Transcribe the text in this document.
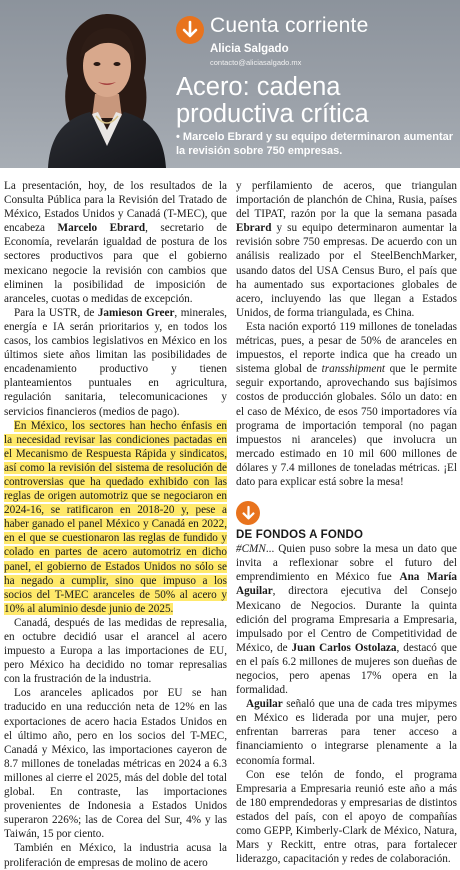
Cuenta corriente
Alicia Salgado
contacto@aliciasalgado.mx
Acero: cadena productiva crítica
• Marcelo Ebrard y su equipo determinaron aumentar la revisión sobre 750 empresas.

La presentación, hoy, de los resultados de la Consulta Pública para la Revisión del Tratado de México, Estados Unidos y Canadá (T-MEC), que encabeza Marcelo Ebrard, secretario de Economía, revelarán igualdad de postura de los sectores productivos para que el gobierno mexicano negocie la revisión con cambios que eliminen la posibilidad de imposición de aranceles, cuotas o medidas de excepción.

Para la USTR, de Jamieson Greer, minerales, energía e IA serán prioritarios y, en todos los casos, los cambios legislativos en México en los últimos siete años limitan las posibilidades de encadenamiento productivo y tienen planteamientos puntuales en agricultura, regulación sanitaria, telecomunicaciones y servicios financieros (medios de pago).

En México, los sectores han hecho énfasis en la necesidad revisar las condiciones pactadas en el Mecanismo de Respuesta Rápida y sindicatos, así como la revisión del sistema de resolución de controversias que ha quedado exhibido con las reglas de origen automotriz que se negociaron en 2024-16, se ratificaron en 2018-20 y, pese a haber ganado el panel México y Canadá en 2022, en el que se cuestionaron las reglas de fundido y colado en partes de acero automotriz en dicho panel, el gobierno de Estados Unidos no sólo se ha negado a cumplir, sino que impuso a los socios del T-MEC aranceles de 50% al acero y 10% al aluminio desde junio de 2025.

Canadá, después de las medidas de represalia, en octubre decidió usar el arancel al acero impuesto a Europa a las importaciones de EU, pero México ha decidido no tomar represalias con la frustración de la industria.

Los aranceles aplicados por EU se han traducido en una reducción neta de 12% en las exportaciones de acero hacia Estados Unidos en el último año, pero en los socios del T-MEC, Canadá y México, las importaciones cayeron de 8.7 millones de toneladas métricas en 2024 a 6.3 millones al cierre el 2025, más del doble del total global. En contraste, las importaciones provenientes de Indonesia a Estados Unidos superaron 226%; las de Corea del Sur, 4% y las Taiwán, 15 por ciento.

También en México, la industria acusa la proliferación de empresas de molino de acero

y perfilamiento de aceros, que triangulan importación de planchón de China, Rusia, países del TIPAT, razón por la que la semana pasada Ebrard y su equipo determinaron aumentar la revisión sobre 750 empresas. De acuerdo con un análisis realizado por el SteelBenchMarker, usando datos del USA Census Buro, el país que ha aumentado sus exportaciones globales de acero, incluyendo las que llegan a Estados Unidos, de forma triangulada, es China.

Esta nación exportó 119 millones de toneladas métricas, pues, a pesar de 50% de aranceles en impuestos, el reporte indica que ha creado un sistema global de transshipment que le permite seguir exportando, aprovechando sus bajísimos costos de producción globales. Sólo un dato: en el caso de México, de esos 750 importadores vía programa de importación temporal (no pagan impuestos ni aranceles) que involucra un mercado estimado en 10 mil 600 millones de dólares y 7.4 millones de toneladas métricas. ¡El dato para explicar está sobre la mesa!

DE FONDOS A FONDO

#CMN... Quien puso sobre la mesa un dato que invita a reflexionar sobre el futuro del emprendimiento en México fue Ana María Aguilar, directora ejecutiva del Consejo Mexicano de Negocios. Durante la quinta edición del programa Empresaria a Empresaria, impulsado por el Centro de Competitividad de México, de Juan Carlos Ostolaza, destacó que en el país 6.2 millones de mujeres son dueñas de negocios, pero apenas 17% opera en la formalidad.

Aguilar señaló que una de cada tres mipymes en México es liderada por una mujer, pero enfrentan barreras para tener acceso a financiamiento o integrarse plenamente a la economía formal.

Con ese telón de fondo, el programa Empresaria a Empresaria reunió este año a más de 180 emprendedoras y empresarias de distintos estados del país, con el apoyo de compañías como GEPP, Kimberly-Clark de México, Natura, Mars y Reckitt, entre otras, para fortalecer liderazgo, capacitación y redes de colaboración.
